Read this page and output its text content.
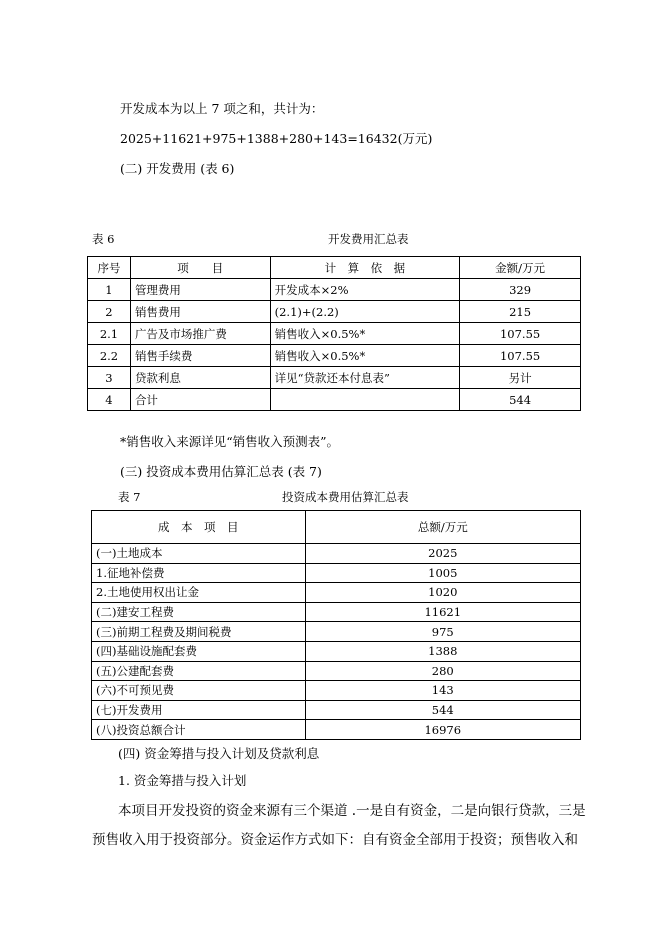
开发成本为以上 7 项之和，共计为：
2025+11621+975+1388+280+143=16432(万元)
(二) 开发费用 (表 6)
表 6	开发费用汇总表
序号	项　　目	计　算　依　据	金额/万元
1	管理费用	开发成本×2%	329
2	销售费用	(2.1)+(2.2)	215
2.1	广告及市场推广费	销售收入×0.5%*	107.55
2.2	销售手续费	销售收入×0.5%*	107.55
3	贷款利息	详见“贷款还本付息表”	另计
4	合计		544
*销售收入来源详见“销售收入预测表”。
(三) 投资成本费用估算汇总表 (表 7)
表 7	投资成本费用估算汇总表
成　本　项　目	总额/万元
(一)土地成本	2025
1.征地补偿费	1005
2.土地使用权出让金	1020
(二)建安工程费	11621
(三)前期工程费及期间税费	975
(四)基础设施配套费	1388
(五)公建配套费	280
(六)不可预见费	143
(七)开发费用	544
(八)投资总额合计	16976
(四) 资金筹措与投入计划及贷款利息
1. 资金筹措与投入计划
本项目开发投资的资金来源有三个渠道 .一是自有资金，二是向银行贷款，三是
预售收入用于投资部分。资金运作方式如下：自有资金全部用于投资；预售收入和
